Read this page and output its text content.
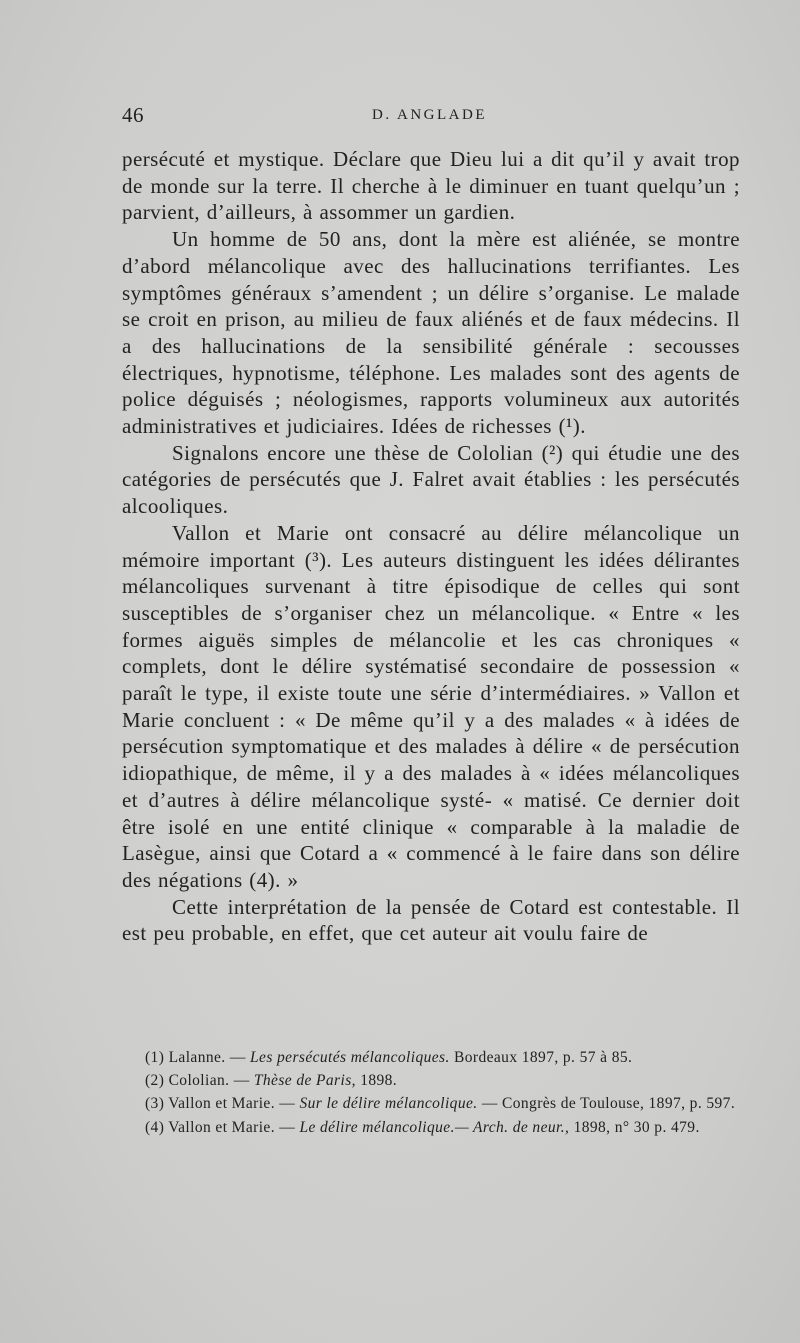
46	D. ANGLADE

persécuté et mystique. Déclare que Dieu lui a dit qu’il y avait trop de monde sur la terre. Il cherche à le diminuer en tuant quelqu’un ; parvient, d’ailleurs, à assommer un gardien.

Un homme de 50 ans, dont la mère est aliénée, se montre d’abord mélancolique avec des hallucinations terrifiantes. Les symptômes généraux s’amendent ; un délire s’organise. Le malade se croit en prison, au milieu de faux aliénés et de faux médecins. Il a des hallucinations de la sensibilité générale : secousses électriques, hypnotisme, téléphone. Les malades sont des agents de police déguisés ; néologismes, rapports volumineux aux autorités administratives et judiciaires. Idées de richesses (¹).

Signalons encore une thèse de Cololian (²) qui étudie une des catégories de persécutés que J. Falret avait établies : les persécutés alcooliques.

Vallon et Marie ont consacré au délire mélancolique un mémoire important (³). Les auteurs distinguent les idées délirantes mélancoliques survenant à titre épisodique de celles qui sont susceptibles de s’organiser chez un mélancolique. « Entre « les formes aiguës simples de mélancolie et les cas chroniques « complets, dont le délire systématisé secondaire de possession « paraît le type, il existe toute une série d’intermédiaires. » Vallon et Marie concluent : « De même qu’il y a des malades « à idées de persécution symptomatique et des malades à délire « de persécution idiopathique, de même, il y a des malades à « idées mélancoliques et d’autres à délire mélancolique systé- « matisé. Ce dernier doit être isolé en une entité clinique « comparable à la maladie de Lasègue, ainsi que Cotard a « commencé à le faire dans son délire des négations (4). »

Cette interprétation de la pensée de Cotard est contestable. Il est peu probable, en effet, que cet auteur ait voulu faire de

(1) Lalanne. — Les persécutés mélancoliques. Bordeaux 1897, p. 57 à 85.

(2) Cololian. — Thèse de Paris, 1898.

(3) Vallon et Marie. — Sur le délire mélancolique. — Congrès de Toulouse, 1897, p. 597.

(4) Vallon et Marie. — Le délire mélancolique.— Arch. de neur., 1898, n° 30 p. 479.
